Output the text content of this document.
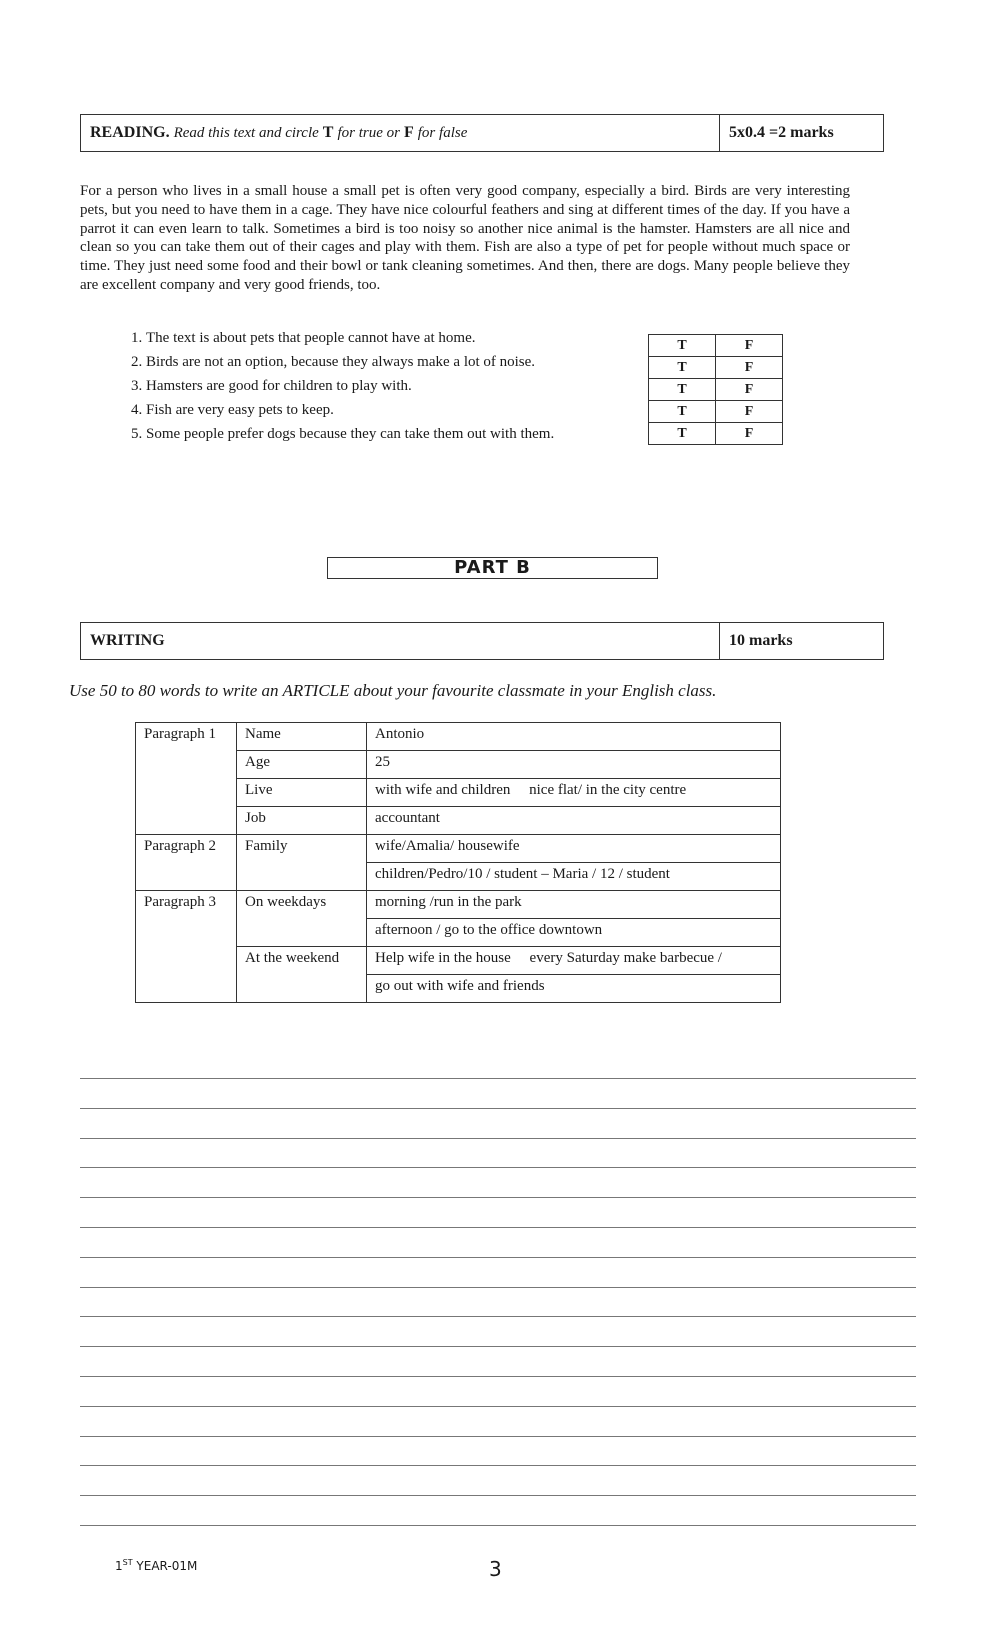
READING. Read this text and circle T for true or F for false	5x0.4 =2 marks
For a person who lives in a small house a small pet is often very good company, especially a bird. Birds are very interesting pets, but you need to have them in a cage. They have nice colourful feathers and sing at different times of the day. If you have a parrot it can even learn to talk. Sometimes a bird is too noisy so another nice animal is the hamster. Hamsters are all nice and clean so you can take them out of their cages and play with them. Fish are also a type of pet for people without much space or time. They just need some food and their bowl or tank cleaning sometimes. And then, there are dogs. Many people believe they are excellent company and very good friends, too.
1. The text is about pets that people cannot have at home.
2. Birds are not an option, because they always make a lot of noise.
3. Hamsters are good for children to play with.
4. Fish are very easy pets to keep.
5. Some people prefer dogs because they can take them out with them.
T	F
T	F
T	F
T	F
T	F
PART B
WRITING	10 marks
Use 50 to 80 words to write an ARTICLE about your favourite classmate in your English class.
Paragraph 1	Name	Antonio
	Age	25
	Live	with wife and children     nice flat/ in the city centre
	Job	accountant
Paragraph 2	Family	wife/Amalia/ housewife
		children/Pedro/10 / student – Maria / 12 / student
Paragraph 3	On weekdays	morning /run in the park
		afternoon / go to the office downtown
	At the weekend	Help wife in the house     every Saturday make barbecue /
		go out with wife and friends
1ST YEAR-01M	3
